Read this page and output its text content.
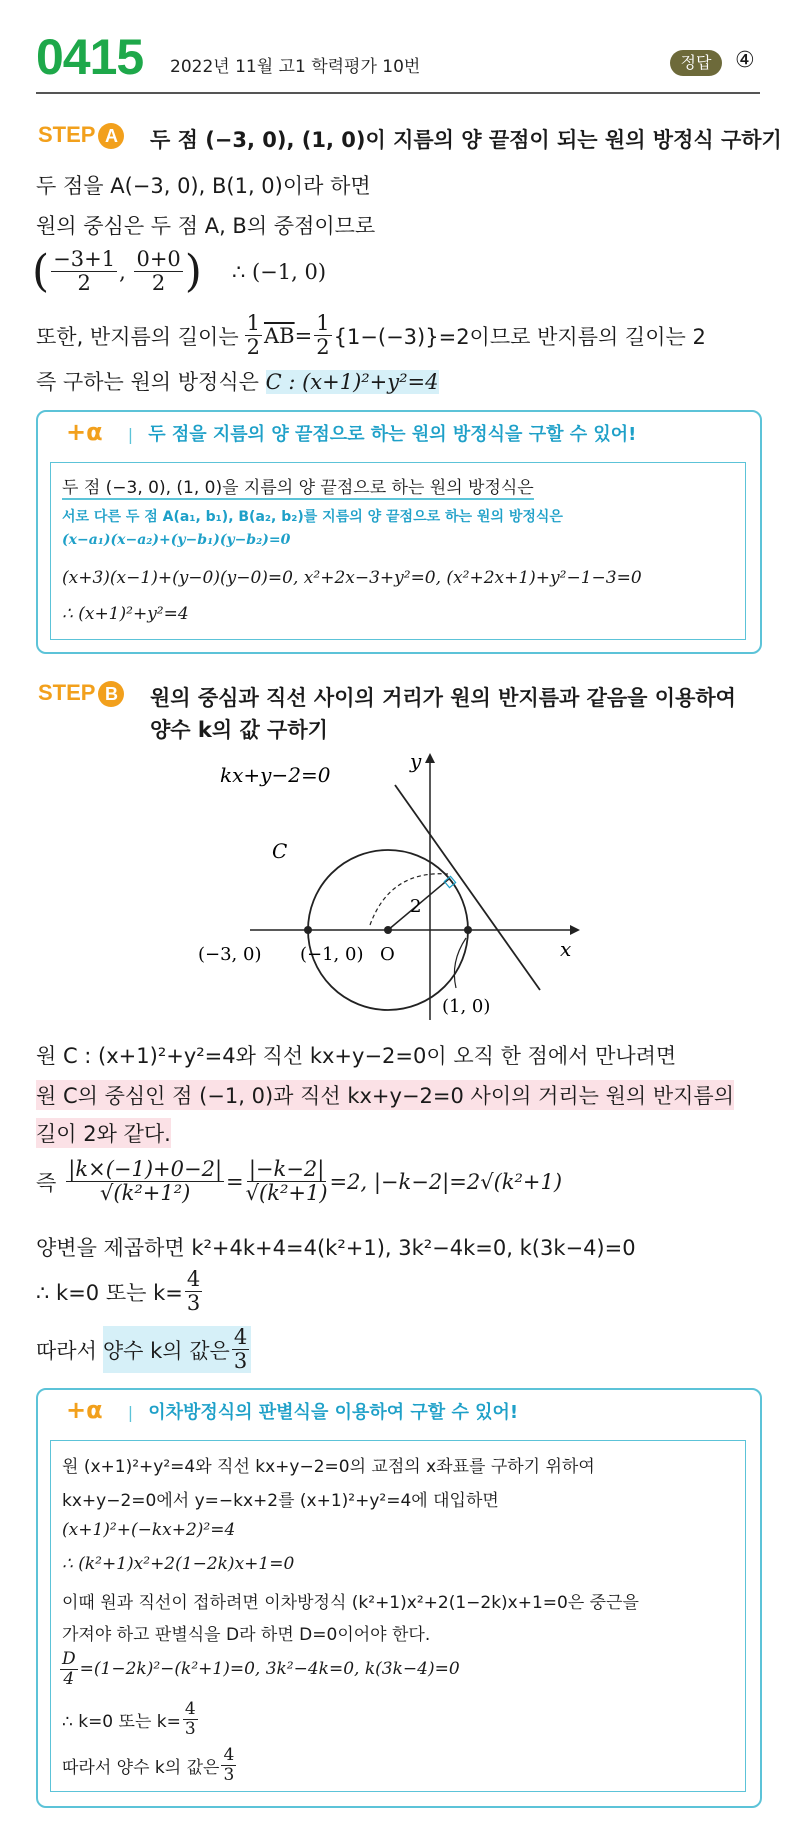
0415 2022년 11월 고1 학력평가 10번	정답	④
STEP A	두 점 (−3, 0), (1, 0)이 지름의 양 끝점이 되는 원의 방정식 구하기
두 점을 A(−3, 0), B(1, 0)이라 하면
원의 중심은 두 점 A, B의 중점이므로
( $\frac{-3+1}{2}$ , $\frac{0+0}{2}$ ) ∴ (−1, 0)
또한, 반지름의 길이는 $\frac{1}{2} \overline{AB} = \frac{1}{2} \{1-(-3)\}=2$이므로 반지름의 길이는 2
즉 구하는 원의 방정식은 C : (x+1)²+y²=4
+α | 두 점을 지름의 양 끝점으로 하는 원의 방정식을 구할 수 있어!
두 점 (−3, 0), (1, 0)을 지름의 양 끝점으로 하는 원의 방정식은
서로 다른 두 점 A(a₁, b₁), B(a₂, b₂)를 지름의 양 끝점으로 하는 원의 방정식은
(x−a₁)(x−a₂)+(y−b₁)(y−b₂)=0
(x+3)(x−1)+(y−0)(y−0)=0, x²+2x−3+y²=0, (x²+2x+1)+y²−1−3=0
∴ (x+1)²+y²=4
STEP B	원의 중심과 직선 사이의 거리가 원의 반지름과 같음을 이용하여
양수 k의 값 구하기
kx+y−2=0
C
y
x
2
(−3, 0) (−1, 0) O
(1, 0)
원 C : (x+1)²+y²=4와 직선 kx+y−2=0이 오직 한 점에서 만나려면
원 C의 중심인 점 (−1, 0)과 직선 kx+y−2=0 사이의 거리는 원의 반지름의
길이 2와 같다.
즉 $\frac{|k\times(-1)+0-2|}{\text{√(k²+1²)}} = \frac{|-k-2|}{\text{√(k²+1)}} =2$, |−k−2|=2√(k²+1)
양변을 제곱하면 k²+4k+4=4(k²+1), 3k²−4k=0, k(3k−4)=0
∴ k=0 또는 $k= \frac{4}{3}$
따라서 양수 k의 값은 $\frac{4}{3}$
+α | 이차방정식의 판별식을 이용하여 구할 수 있어!
원 (x+1)²+y²=4와 직선 kx+y−2=0의 교점의 x좌표를 구하기 위하여
kx+y−2=0에서 y=−kx+2를 (x+1)²+y²=4에 대입하면
(x+1)²+(−kx+2)²=4
∴ (k²+1)x²+2(1−2k)x+1=0
이때 원과 직선이 접하려면 이차방정식 (k²+1)x²+2(1−2k)x+1=0은 중근을
가져야 하고 판별식을 D라 하면 D=0이어야 한다.
$\frac{D}{4} =(1-2k)^2-(k^2+1)=0$, 3k²−4k=0, k(3k−4)=0
∴ k=0 또는 $k= \frac{4}{3}$
따라서 양수 k의 값은 $\frac{4}{3}$
